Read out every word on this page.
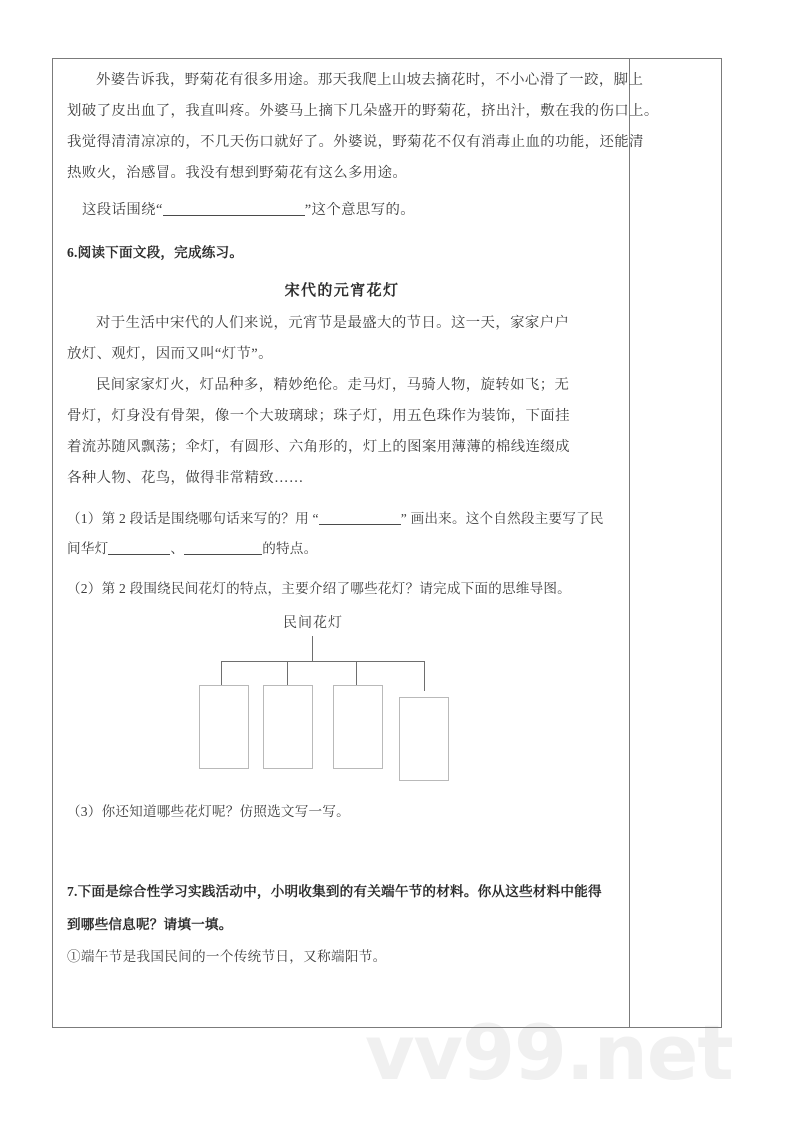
vv99.net

外婆告诉我，野菊花有很多用途。那天我爬上山坡去摘花时，不小心滑了一跤，脚上

划破了皮出血了，我直叫疼。外婆马上摘下几朵盛开的野菊花，挤出汁，敷在我的伤口上。

我觉得清清凉凉的，不几天伤口就好了。外婆说，野菊花不仅有消毒止血的功能，还能清

热败火，治感冒。我没有想到野菊花有这么多用途。

这段话围绕“	”这个意思写的。

6.阅读下面文段，完成练习。

宋代的元宵花灯

对于生活中宋代的人们来说，元宵节是最盛大的节日。这一天，家家户户

放灯、观灯，因而又叫“灯节”。

民间家家灯火，灯品种多，精妙绝伦。走马灯，马骑人物，旋转如飞；无

骨灯，灯身没有骨架，像一个大玻璃球；珠子灯，用五色珠作为装饰，下面挂

着流苏随风飘荡；伞灯，有圆形、六角形的，灯上的图案用薄薄的棉线连缀成

各种人物、花鸟，做得非常精致……

（1）第 2 段话是围绕哪句话来写的？用 “	” 画出来。这个自然段主要写了民

间华灯	、	的特点。

（2）第 2 段围绕民间花灯的特点，主要介绍了哪些花灯？请完成下面的思维导图。

民间花灯

（3）你还知道哪些花灯呢？仿照选文写一写。

7.下面是综合性学习实践活动中，小明收集到的有关端午节的材料。你从这些材料中能得

到哪些信息呢？请填一填。

①端午节是我国民间的一个传统节日，又称端阳节。
